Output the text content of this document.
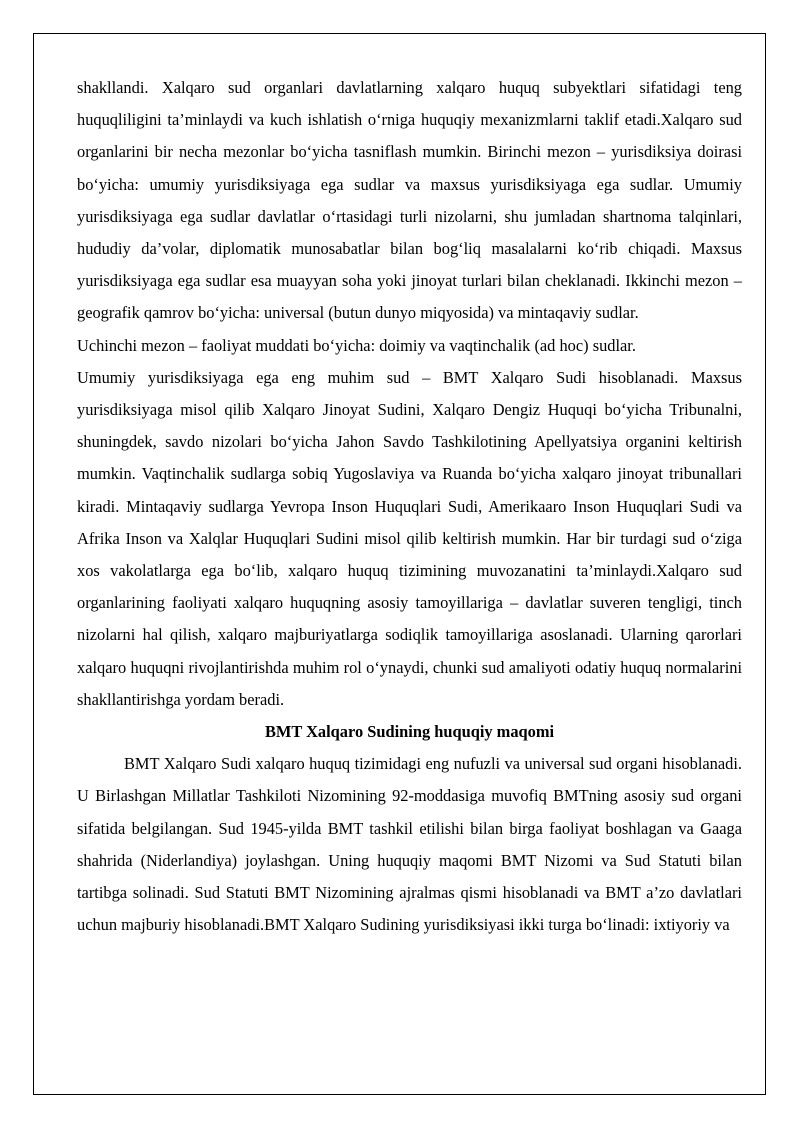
shakllandi. Xalqaro sud organlari davlatlarning xalqaro huquq subyektlari sifatidagi teng huquqliligini ta’minlaydi va kuch ishlatish o‘rniga huquqiy mexanizmlarni taklif etadi.Xalqaro sud organlarini bir necha mezonlar bo‘yicha tasniflash mumkin. Birinchi mezon – yurisdiksiya doirasi bo‘yicha: umumiy yurisdiksiyaga ega sudlar va maxsus yurisdiksiyaga ega sudlar. Umumiy yurisdiksiyaga ega sudlar davlatlar o‘rtasidagi turli nizolarni, shu jumladan shartnoma talqinlari, hududiy da’volar, diplomatik munosabatlar bilan bog‘liq masalalarni ko‘rib chiqadi. Maxsus yurisdiksiyaga ega sudlar esa muayyan soha yoki jinoyat turlari bilan cheklanadi. Ikkinchi mezon – geografik qamrov bo‘yicha: universal (butun dunyo miqyosida) va mintaqaviy sudlar.

Uchinchi mezon – faoliyat muddati bo‘yicha: doimiy va vaqtinchalik (ad hoc) sudlar.

Umumiy yurisdiksiyaga ega eng muhim sud – BMT Xalqaro Sudi hisoblanadi. Maxsus yurisdiksiyaga misol qilib Xalqaro Jinoyat Sudini, Xalqaro Dengiz Huquqi bo‘yicha Tribunalni, shuningdek, savdo nizolari bo‘yicha Jahon Savdo Tashkilotining Apellyatsiya organini keltirish mumkin. Vaqtinchalik sudlarga sobiq Yugoslaviya va Ruanda bo‘yicha xalqaro jinoyat tribunallari kiradi. Mintaqaviy sudlarga Yevropa Inson Huquqlari Sudi, Amerikaaro Inson Huquqlari Sudi va Afrika Inson va Xalqlar Huquqlari Sudini misol qilib keltirish mumkin. Har bir turdagi sud o‘ziga xos vakolatlarga ega bo‘lib, xalqaro huquq tizimining muvozanatini ta’minlaydi.Xalqaro sud organlarining faoliyati xalqaro huquqning asosiy tamoyillariga – davlatlar suveren tengligi, tinch nizolarni hal qilish, xalqaro majburiyatlarga sodiqlik tamoyillariga asoslanadi. Ularning qarorlari xalqaro huquqni rivojlantirishda muhim rol o‘ynaydi, chunki sud amaliyoti odatiy huquq normalarini shakllantirishga yordam beradi.

BMT Xalqaro Sudining huquqiy maqomi

BMT Xalqaro Sudi xalqaro huquq tizimidagi eng nufuzli va universal sud organi hisoblanadi. U Birlashgan Millatlar Tashkiloti Nizomining 92-moddasiga muvofiq BMTning asosiy sud organi sifatida belgilangan. Sud 1945-yilda BMT tashkil etilishi bilan birga faoliyat boshlagan va Gaaga shahrida (Niderlandiya) joylashgan. Uning huquqiy maqomi BMT Nizomi va Sud Statuti bilan tartibga solinadi. Sud Statuti BMT Nizomining ajralmas qismi hisoblanadi va BMT a’zo davlatlari uchun majburiy hisoblanadi.BMT Xalqaro Sudining yurisdiksiyasi ikki turga bo‘linadi: ixtiyoriy va
